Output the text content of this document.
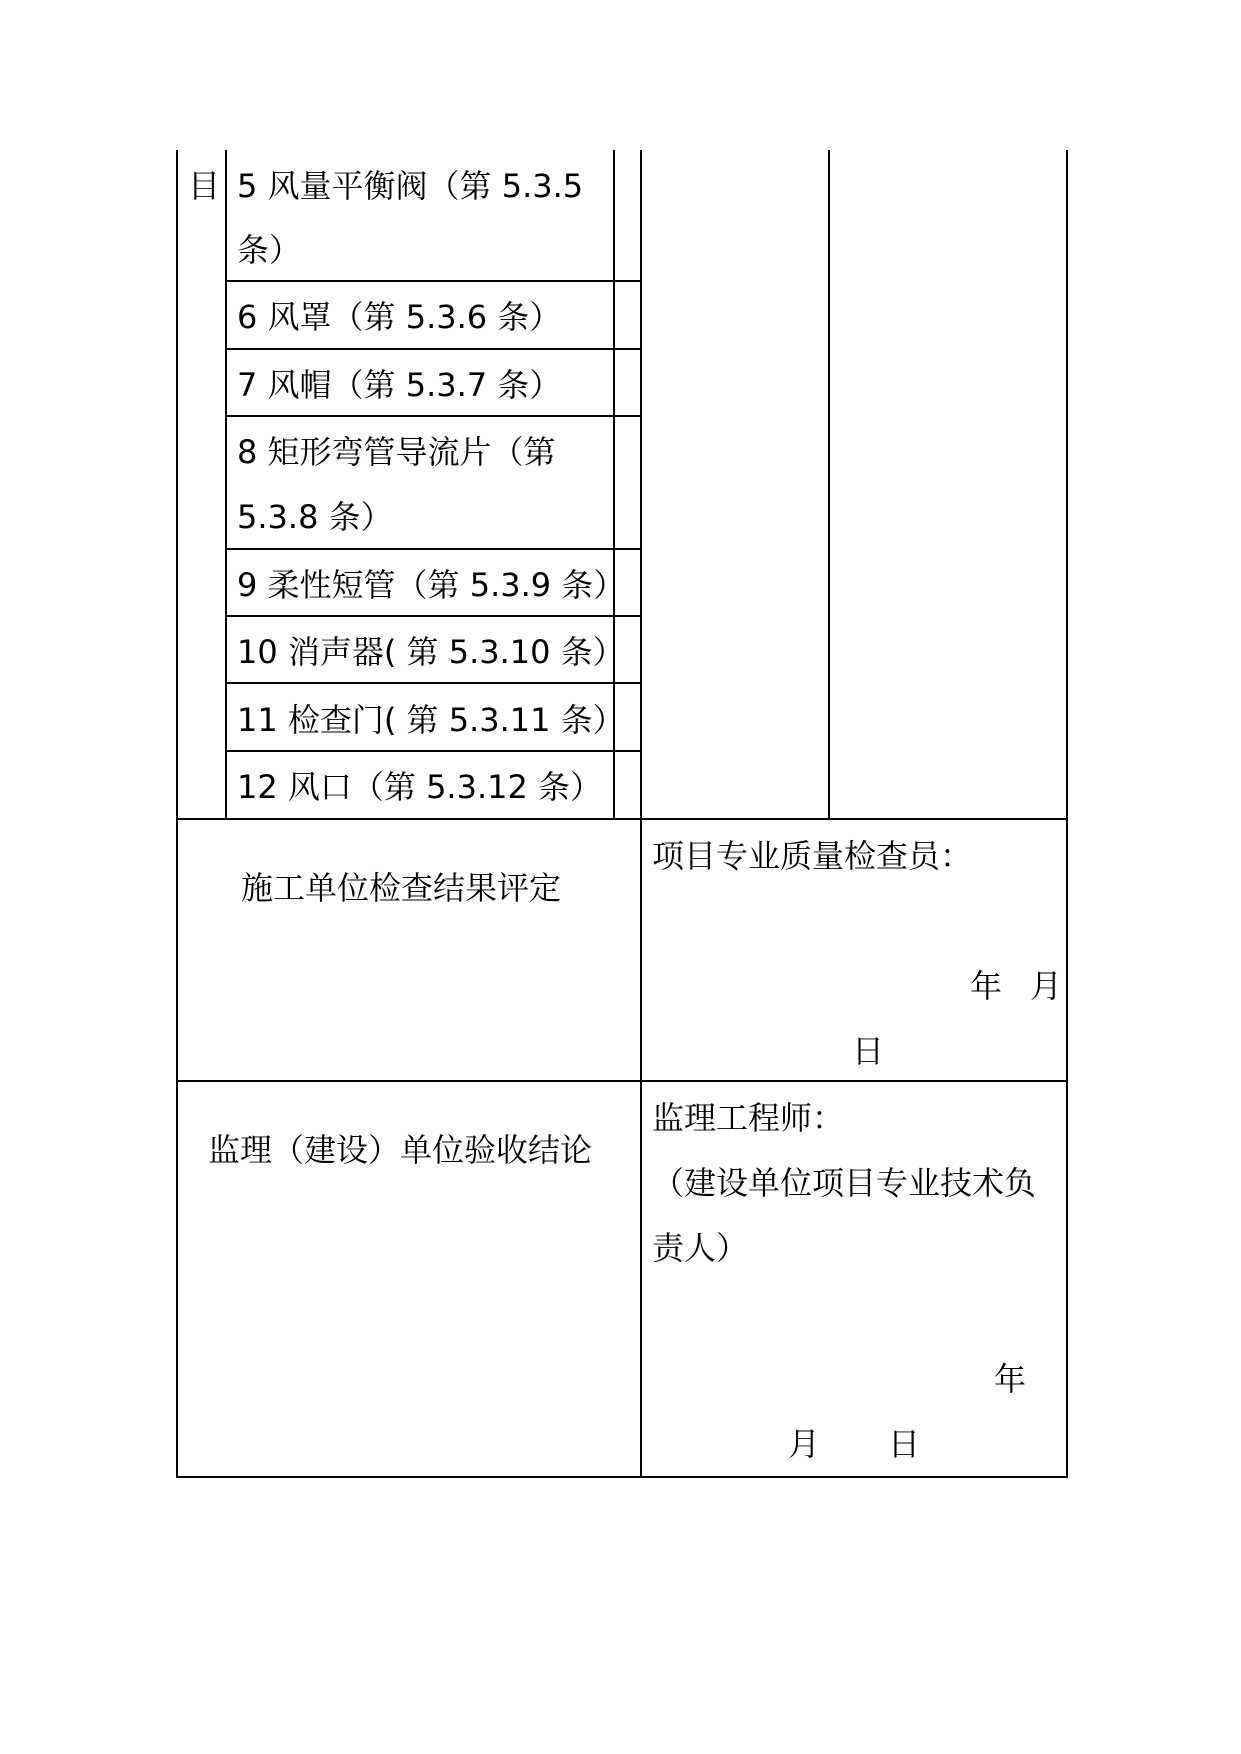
目 5 风量平衡阀（第 5.3.5
条）
6 风罩（第 5.3.6 条）
7 风帽（第 5.3.7 条）
8 矩形弯管导流片（第
5.3.8 条）
9 柔性短管（第 5.3.9 条）
10 消声器( 第 5.3.10 条）
11 检查门( 第 5.3.11 条）
12 风口（第 5.3.12 条）
施工单位检查结果评定
项目专业质量检查员：
年 月
日
监理（建设）单位验收结论
监理工程师：
（建设单位项目专业技术负
责人）
年
月 日
